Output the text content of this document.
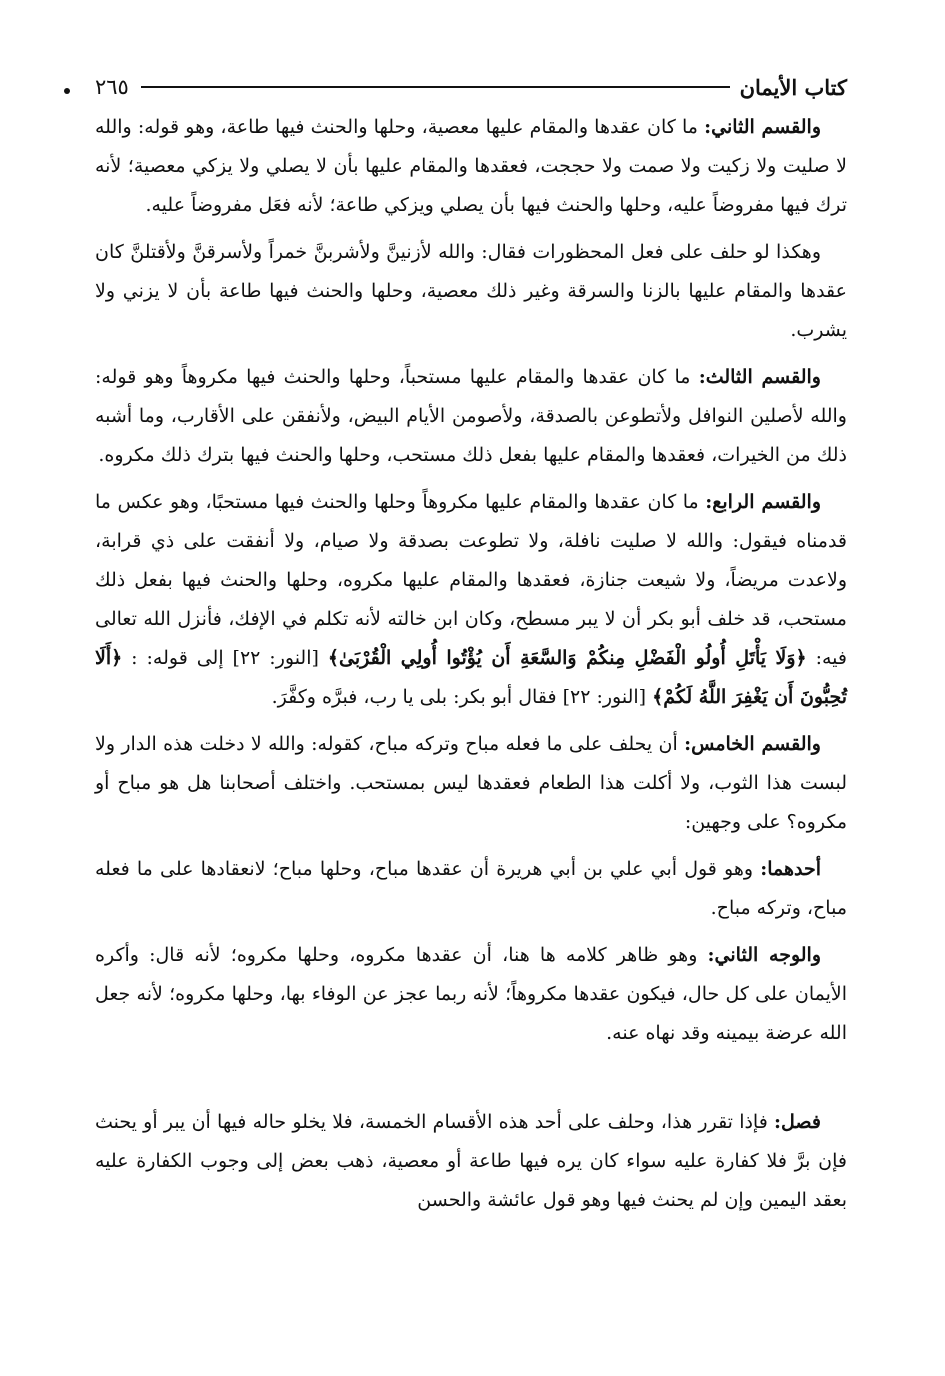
كتاب الأيمان
٢٦٥

والقسم الثاني: ما كان عقدها والمقام عليها معصية، وحلها والحنث فيها طاعة، وهو قوله: والله لا صليت ولا زكيت ولا صمت ولا حججت، فعقدها والمقام عليها بأن لا يصلي ولا يزكي معصية؛ لأنه ترك فيها مفروضاً عليه، وحلها والحنث فيها بأن يصلي ويزكي طاعة؛ لأنه فعَل مفروضاً عليه.

وهكذا لو حلف على فعل المحظورات فقال: والله لأزنينَّ ولأشربنَّ خمراً ولأسرقنَّ ولأقتلنَّ كان عقدها والمقام عليها بالزنا والسرقة وغير ذلك معصية، وحلها والحنث فيها طاعة بأن لا يزني ولا يشرب.

والقسم الثالث: ما كان عقدها والمقام عليها مستحباً، وحلها والحنث فيها مكروهاً وهو قوله: والله لأصلين النوافل ولأتطوعن بالصدقة، ولأصومن الأيام البيض، ولأنفقن على الأقارب، وما أشبه ذلك من الخيرات، فعقدها والمقام عليها بفعل ذلك مستحب، وحلها والحنث فيها بترك ذلك مكروه.

والقسم الرابع: ما كان عقدها والمقام عليها مكروهاً وحلها والحنث فيها مستحبًا، وهو عكس ما قدمناه فيقول: والله لا صليت نافلة، ولا تطوعت بصدقة ولا صيام، ولا أنفقت على ذي قرابة، ولاعدت مريضاً، ولا شيعت جنازة، فعقدها والمقام عليها مكروه، وحلها والحنث فيها بفعل ذلك مستحب، قد خلف أبو بكر أن لا يبر مسطح، وكان ابن خالته لأنه تكلم في الإفك، فأنزل الله تعالى فيه: ﴿وَلَا يَأْتَلِ أُولُو الْفَضْلِ مِنكُمْ وَالسَّعَةِ أَن يُؤْتُوا أُولِي الْقُرْبَىٰ﴾ [النور: ٢٢] إلى قوله: : ﴿أَلَا تُحِبُّونَ أَن يَغْفِرَ اللَّهُ لَكُمْ﴾ [النور: ٢٢] فقال أبو بكر: بلى يا رب، فبرَّه وكفَّرَ.

والقسم الخامس: أن يحلف على ما فعله مباح وتركه مباح، كقوله: والله لا دخلت هذه الدار ولا لبست هذا الثوب، ولا أكلت هذا الطعام فعقدها ليس بمستحب. واختلف أصحابنا هل هو مباح أو مكروه؟ على وجهين:

أحدهما: وهو قول أبي علي بن أبي هريرة أن عقدها مباح، وحلها مباح؛ لانعقادها على ما فعله مباح، وتركه مباح.

والوجه الثاني: وهو ظاهر كلامه ها هنا، أن عقدها مكروه، وحلها مكروه؛ لأنه قال: وأكره الأيمان على كل حال، فيكون عقدها مكروهاً؛ لأنه ربما عجز عن الوفاء بها، وحلها مكروه؛ لأنه جعل الله عرضة بيمينه وقد نهاه عنه.

فصل: فإذا تقرر هذا، وحلف على أحد هذه الأقسام الخمسة، فلا يخلو حاله فيها أن يبر أو يحنث فإن برَّ فلا كفارة عليه سواء كان يره فيها طاعة أو معصية، ذهب بعض إلى وجوب الكفارة عليه بعقد اليمين وإن لم يحنث فيها وهو قول عائشة والحسن
